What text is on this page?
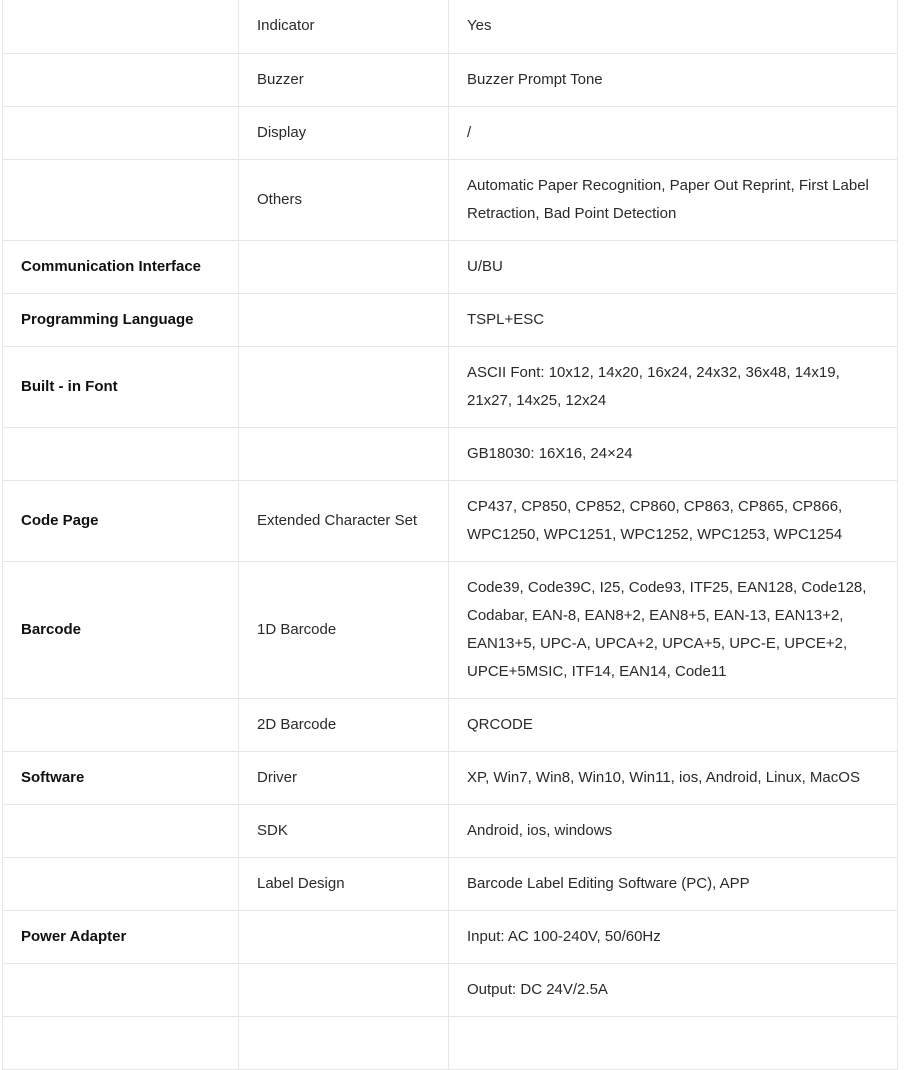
	Indicator	Yes
	Buzzer	Buzzer Prompt Tone
	Display	/
	Others	Automatic Paper Recognition, Paper Out Reprint, First Label Retraction, Bad Point Detection
Communication Interface		U/BU
Programming Language		TSPL+ESC
Built - in Font		ASCII Font: 10x12, 14x20, 16x24, 24x32, 36x48, 14x19, 21x27, 14x25, 12x24
		GB18030: 16X16, 24×24
Code Page	Extended Character Set	CP437, CP850, CP852, CP860, CP863, CP865, CP866, WPC1250, WPC1251, WPC1252, WPC1253, WPC1254
Barcode	1D Barcode	Code39, Code39C, I25, Code93, ITF25, EAN128, Code128, Codabar, EAN-8, EAN8+2, EAN8+5, EAN-13, EAN13+2, EAN13+5, UPC-A, UPCA+2, UPCA+5, UPC-E, UPCE+2, UPCE+5MSIC, ITF14, EAN14, Code11
	2D Barcode	QRCODE
Software	Driver	XP, Win7, Win8, Win10, Win11, ios, Android, Linux, MacOS
	SDK	Android, ios, windows
	Label Design	Barcode Label Editing Software (PC), APP
Power Adapter		Input: AC 100-240V, 50/60Hz
		Output: DC 24V/2.5A
